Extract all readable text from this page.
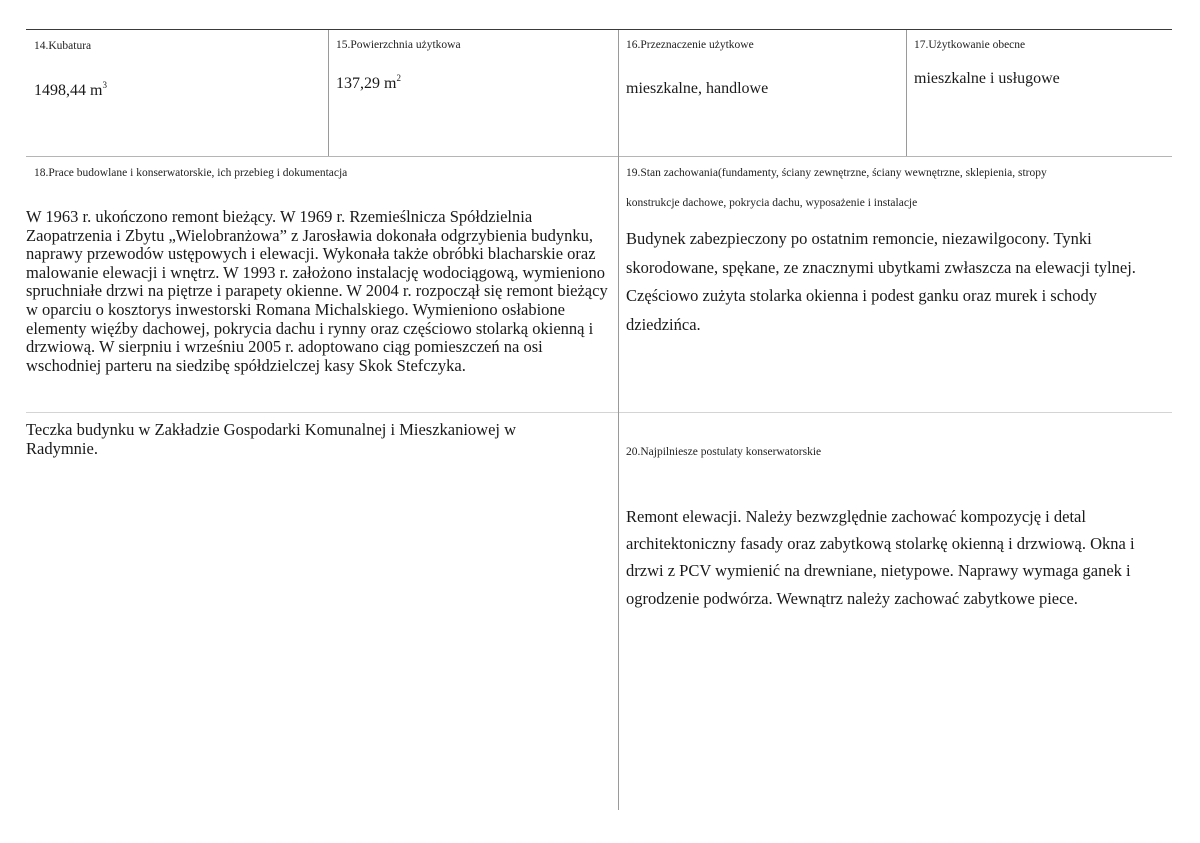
14.Kubatura
1498,44 $m^3$
15.Powierzchnia użytkowa
137,29 $m^2$
16.Przeznaczenie użytkowe
mieszkalne, handlowe
17.Użytkowanie obecne
mieszkalne i usługowe
18.Prace budowlane i konserwatorskie, ich przebieg i dokumentacja

W 1963 r. ukończono remont bieżący. W 1969 r. Rzemieślnicza Spółdzielnia Zaopatrzenia i Zbytu „Wielobranżowa” z Jarosławia dokonała odgrzybienia budynku, naprawy przewodów ustępowych i elewacji. Wykonała także obróbki blacharskie oraz malowanie elewacji i wnętrz. W 1993 r. założono instalację wodociągową, wymieniono spruchniałe drzwi na piętrze i parapety okienne. W 2004 r. rozpoczął się remont bieżący w oparciu o kosztorys inwestorski Romana Michalskiego. Wymieniono osłabione elementy więźby dachowej, pokrycia dachu i rynny oraz częściowo stolarką okienną i drzwiową. W sierpniu i wrześniu 2005 r. adoptowano ciąg pomieszczeń na osi wschodniej parteru na siedzibę spółdzielczej kasy Skok Stefczyka.

Teczka budynku w Zakładzie Gospodarki Komunalnej i Mieszkaniowej w Radymnie.

19.Stan zachowania(fundamenty, ściany zewnętrzne, ściany wewnętrzne, sklepienia, stropy
konstrukcje dachowe, pokrycia dachu, wyposażenie i instalacje

Budynek zabezpieczony po ostatnim remoncie, niezawilgocony. Tynki skorodowane, spękane, ze znacznymi ubytkami zwłaszcza na elewacji tylnej. Częściowo zużyta stolarka okienna i podest ganku oraz murek i schody dziedzińca.

20.Najpilniesze postulaty konserwatorskie

Remont elewacji. Należy bezwzględnie zachować kompozycję i detal architektoniczny fasady oraz zabytkową stolarkę okienną i drzwiową. Okna i drzwi z PCV wymienić na drewniane, nietypowe. Naprawy wymaga ganek i ogrodzenie podwórza. Wewnątrz należy zachować zabytkowe piece.
